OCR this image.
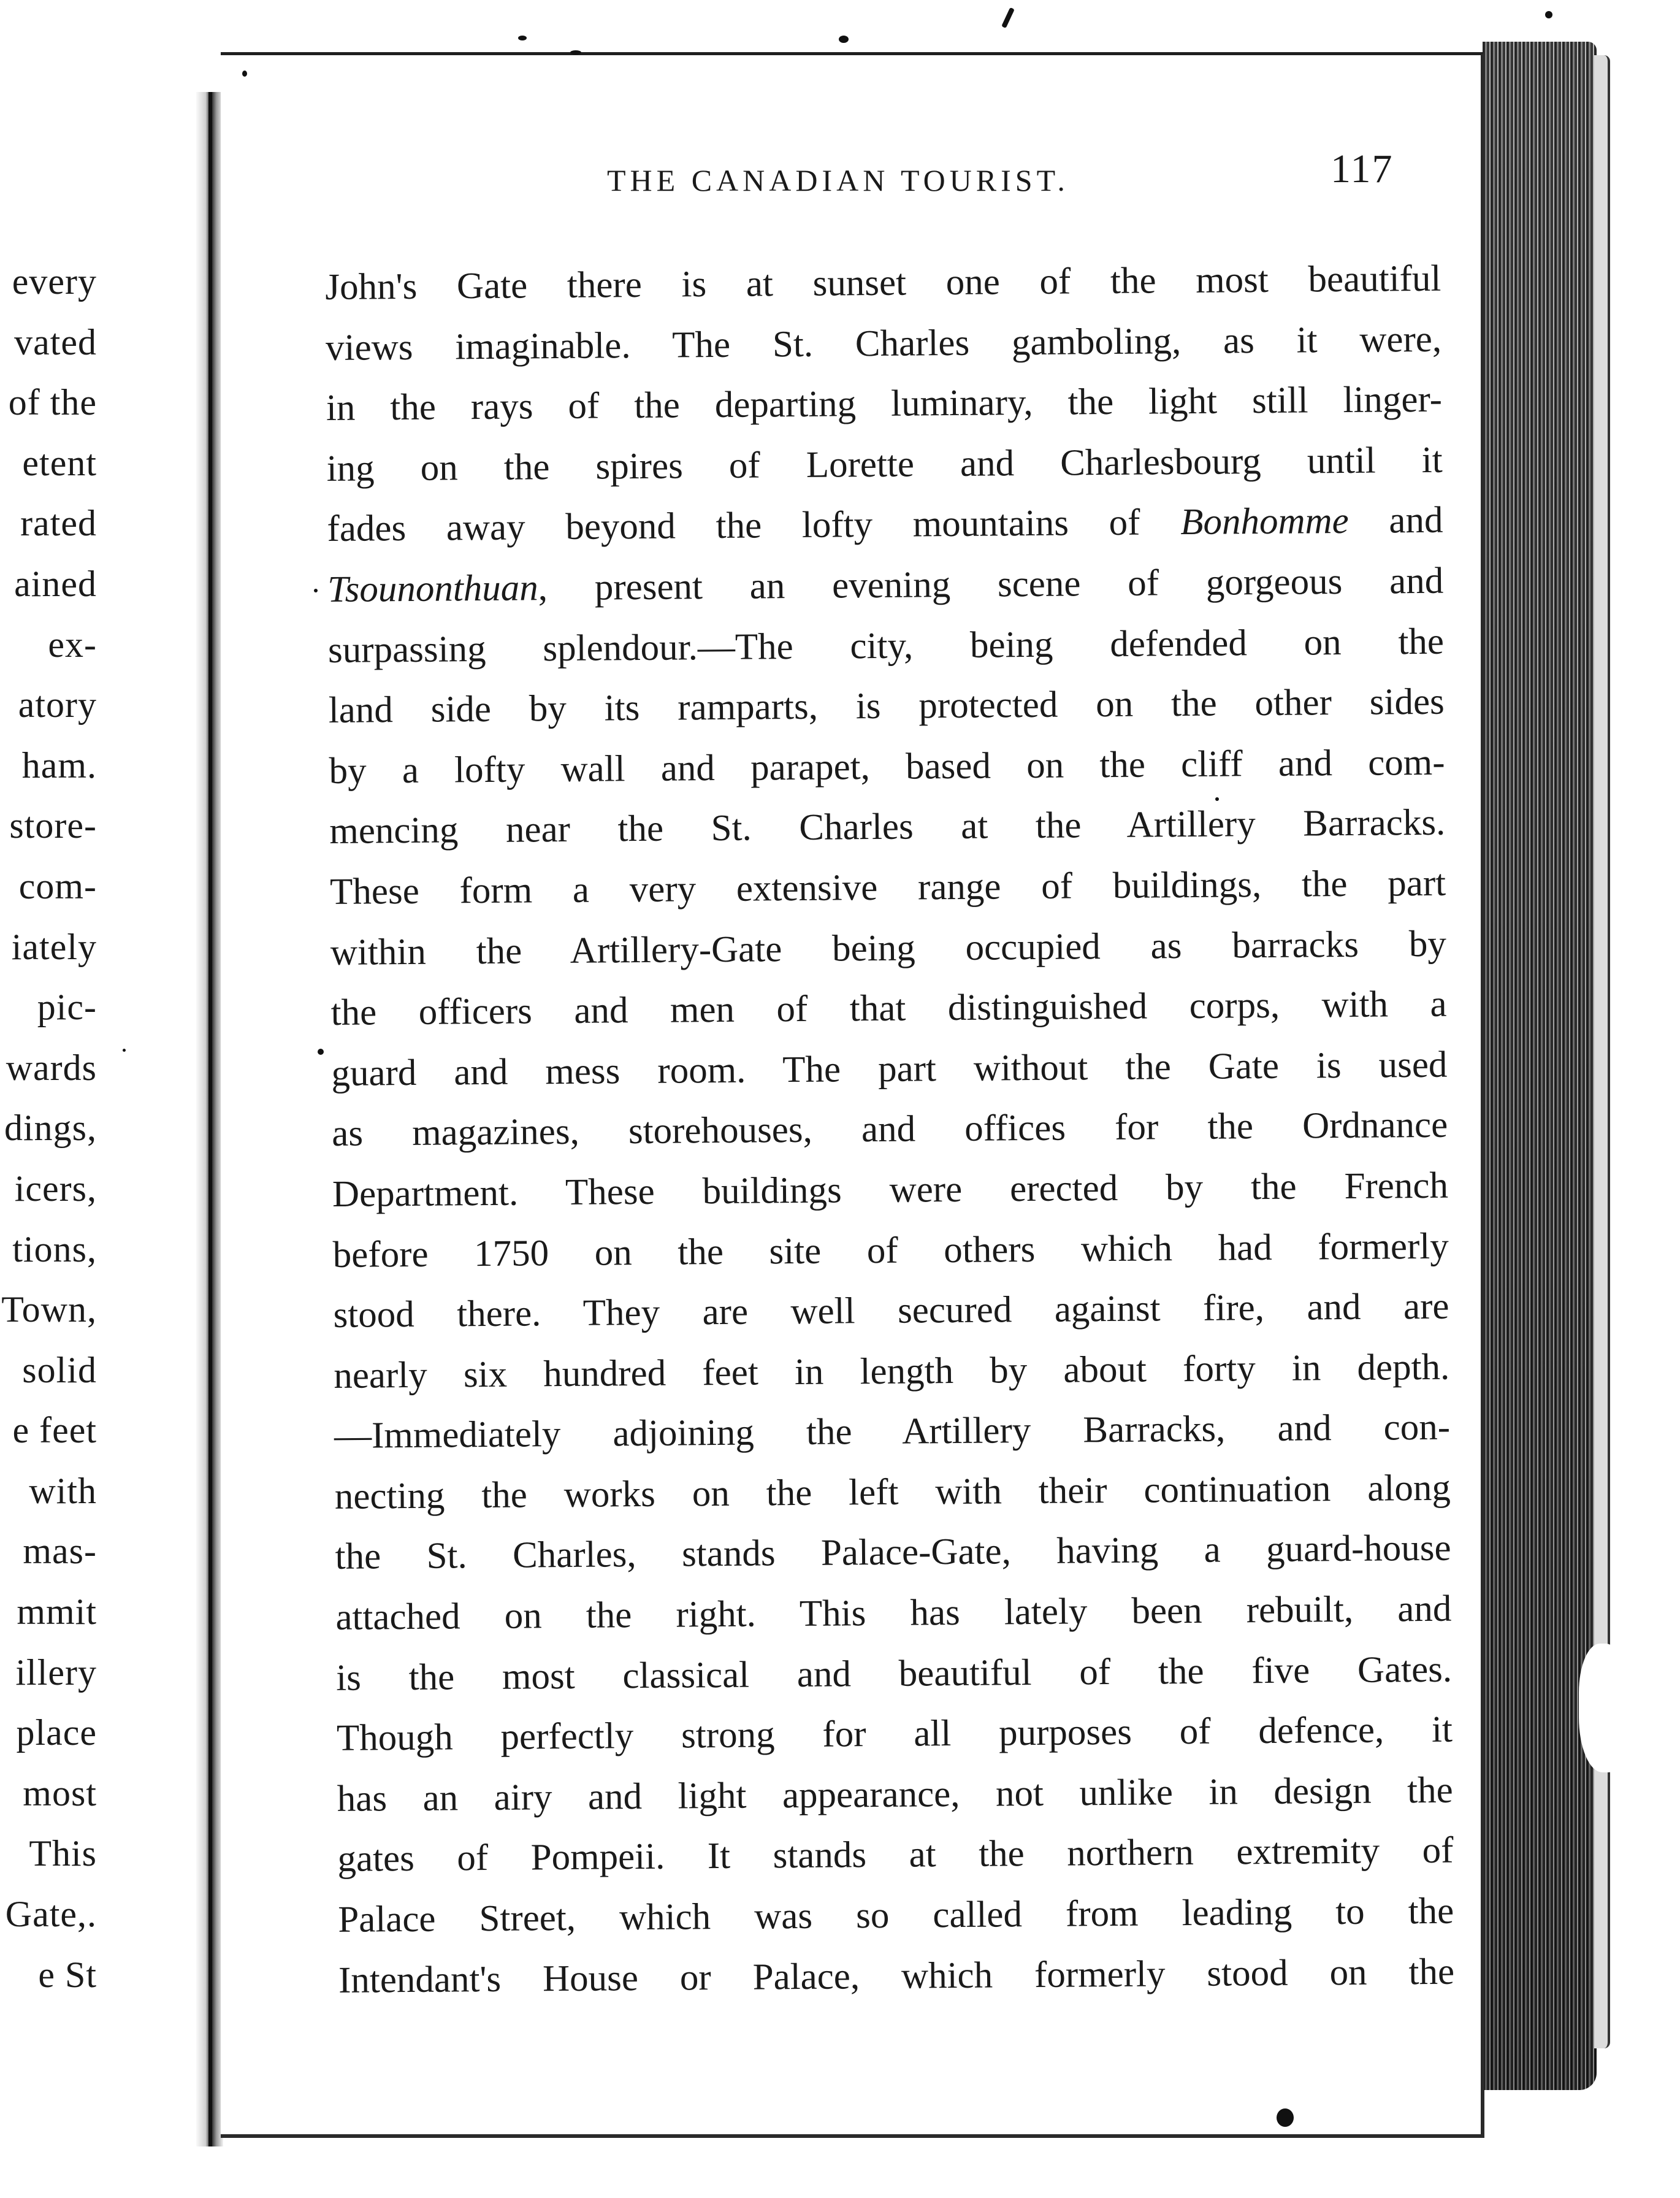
every
vated
of the
etent
rated
ained
ex-
atory
ham.
store-
com-
iately
pic-
wards
dings,
icers,
tions,
Town,
solid
e feet
with
mas-
mmit
illery
place
most
This
Gate,.
e St
THE CANADIAN TOURIST.	117
John's Gate there is at sunset one of the most beautiful
views imaginable. The St. Charles gamboling, as it were,
in the rays of the departing luminary, the light still linger-
ing on the spires of Lorette and Charlesbourg until it
fades away beyond the lofty mountains of Bonhomme and
Tsounonthuan, present an evening scene of gorgeous and
surpassing splendour.—The city, being defended on the
land side by its ramparts, is protected on the other sides
by a lofty wall and parapet, based on the cliff and com-
mencing near the St. Charles at the Artillery Barracks.
These form a very extensive range of buildings, the part
within the Artillery-Gate being occupied as barracks by
the officers and men of that distinguished corps, with a
guard and mess room. The part without the Gate is used
as magazines, storehouses, and offices for the Ordnance
Department. These buildings were erected by the French
before 1750 on the site of others which had formerly
stood there. They are well secured against fire, and are
nearly six hundred feet in length by about forty in depth.
—Immediately adjoining the Artillery Barracks, and con-
necting the works on the left with their continuation along
the St. Charles, stands Palace-Gate, having a guard-house
attached on the right. This has lately been rebuilt, and
is the most classical and beautiful of the five Gates.
Though perfectly strong for all purposes of defence, it
has an airy and light appearance, not unlike in design the
gates of Pompeii. It stands at the northern extremity of
Palace Street, which was so called from leading to the
Intendant's House or Palace, which formerly stood on the
